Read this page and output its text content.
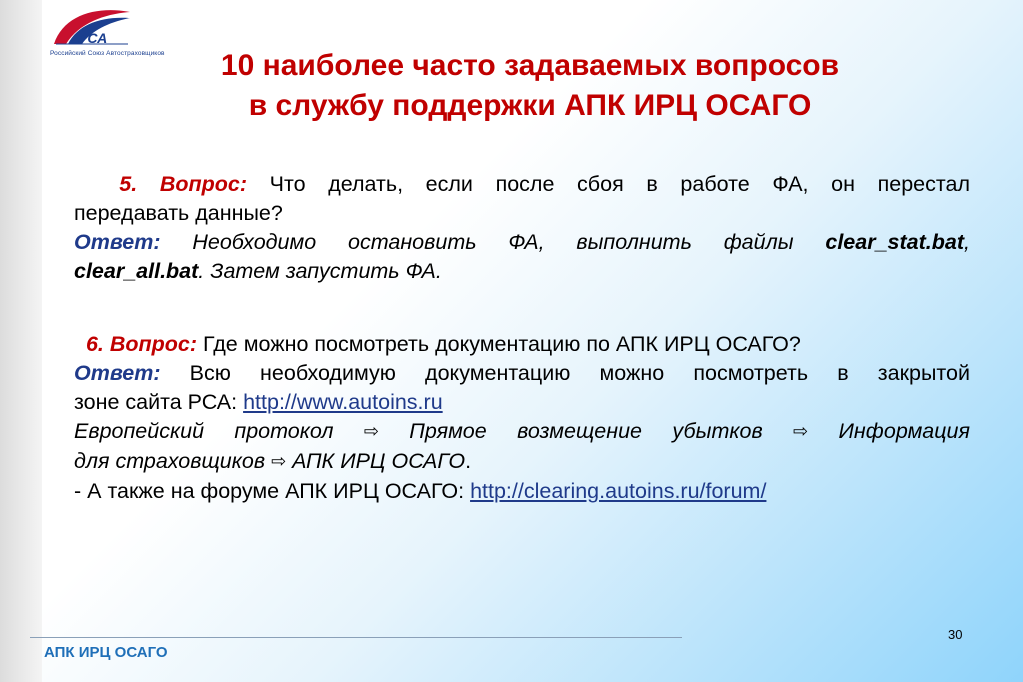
РСА
Российский Союз Автостраховщиков	10 наиболее часто задаваемых вопросов
в службу поддержки АПК ИРЦ ОСАГО

5. Вопрос: Что делать, если после сбоя в работе ФА, он перестал

передавать данные?

Ответ: Необходимо остановить ФА, выполнить файлы clear_stat.bat,

clear_all.bat. Затем запустить ФА.

6. Вопрос: Где можно посмотреть документацию по АПК ИРЦ ОСАГО?

Ответ: Всю необходимую документацию можно посмотреть в закрытой

зоне сайта РСА: http://www.autoins.ru

Европейский протокол ⇨ Прямое возмещение убытков ⇨ Информация

для страховщиков ⇨ АПК ИРЦ ОСАГО.

- А также на форуме АПК ИРЦ ОСАГО: http://clearing.autoins.ru/forum/

АПК ИРЦ ОСАГО
30
